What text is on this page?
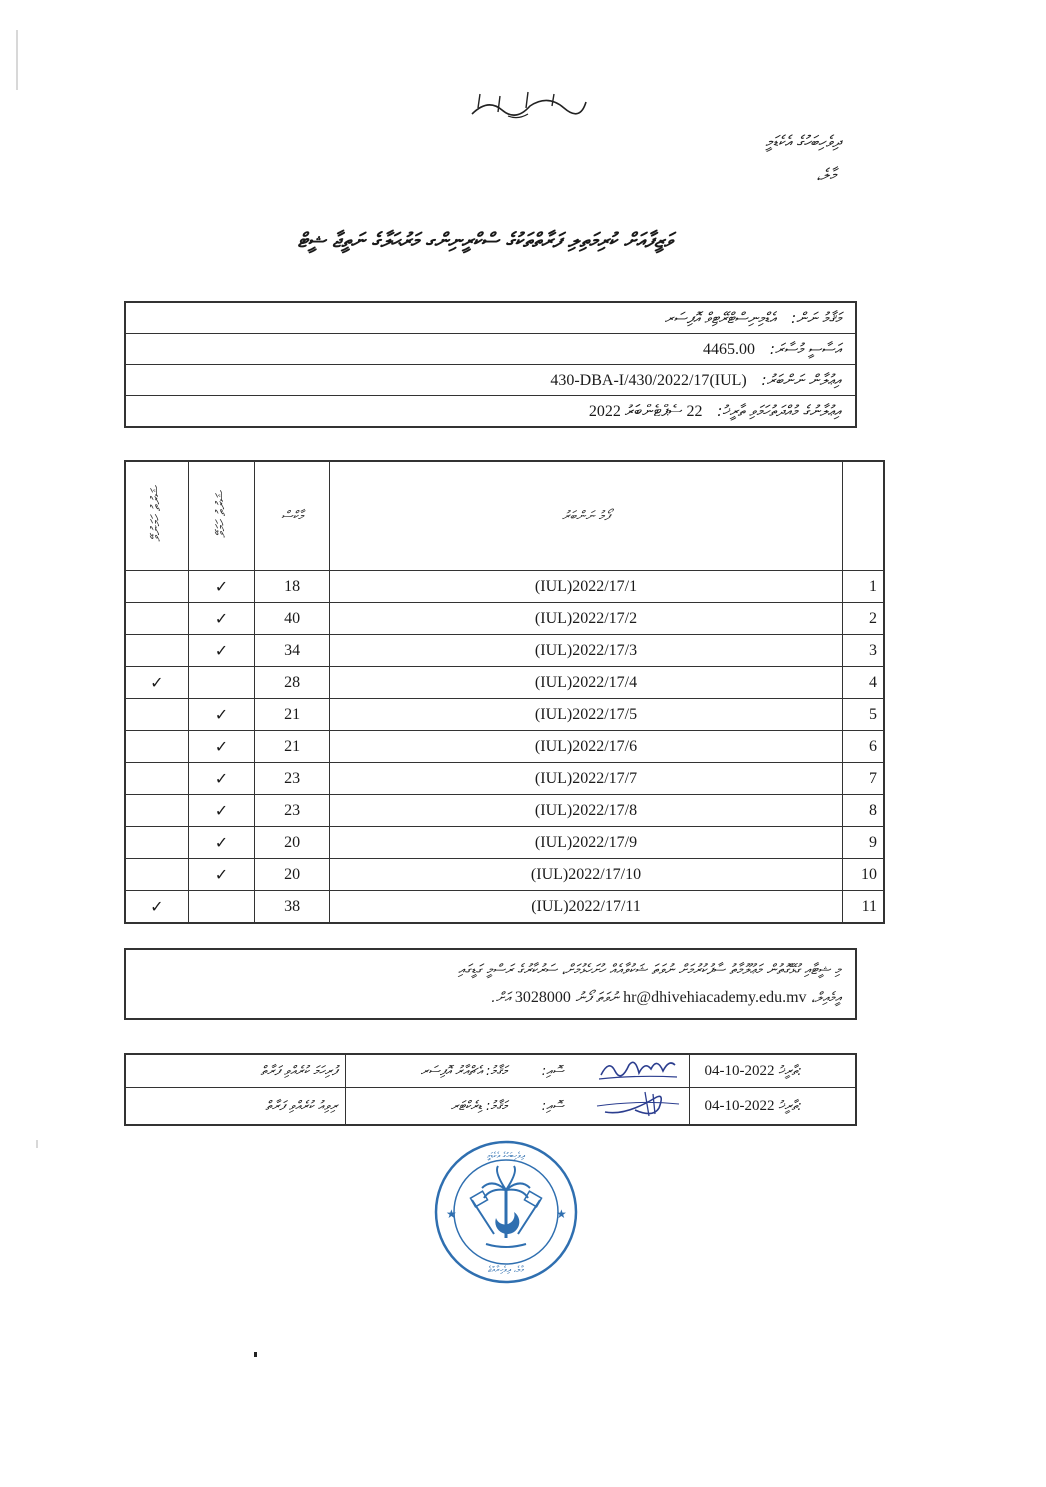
ދިވެހިބަހުގެ އެކެޑަމީ
މާލެ،
ވަޒީފާއަށް ކުރިމަތިލި ފަރާތްތަކުގެ ސްކްރީނިންގ މަރުޙަލާގެ ނަތީޖާ ޝީޓް
މަޤާމު ނަން: އެޑްމިނިސްޓްރޭޓިވް އޮފިސަރ
އަސާސީ މުސާރަ: 4465.00
އިޢުލާން ނަންބަރު: (IUL)430-DBA-I/430/2022/17
އިޢުލާނުގެ މުއްދަތުހަމަވި ތާރީޚު: 22 ސެޕްޓެންބަރު 2022
ޝަރުތު ހަމަނުވޭ	ޝަރުތު ހަމަވޭ	މާކްސް	ފޯމު ނަންބަރު	
	✓	18	(IUL)2022/17/1	1
	✓	40	(IUL)2022/17/2	2
	✓	34	(IUL)2022/17/3	3
✓		28	(IUL)2022/17/4	4
	✓	21	(IUL)2022/17/5	5
	✓	21	(IUL)2022/17/6	6
	✓	23	(IUL)2022/17/7	7
	✓	23	(IUL)2022/17/8	8
	✓	20	(IUL)2022/17/9	9
	✓	20	(IUL)2022/17/10	10
✓		38	(IUL)2022/17/11	11
މި ޝީޓާއި ގުޅޭގޮތުން މަޢުލޫމާތު ސާފުކުރުމަށް ނުވަތަ ޝަކުވާއެއް ހުށަހެޅުމަށް، ސަރުކާރުގެ ރަސްމީ ގަޑީގައި
އީމެއިލް، hr@dhivehiacademy.edu.mv ނުވަތަ ފޯނު 3028000 އަށް.
ފުރިހަމަ ކުރެއްވި ފަރާތް	މަޤާމު: އެޗްއާރު އޮފިސަރ	ސޮއި:		04-10-2022 ތާރީޚު:
ރިވިއު ކުރެއްވި ފަރާތް	މަޤާމު: ޑިރެކްޓަރ	ސޮއި:		04-10-2022 ތާރީޚު:
★	★
ދިވެހިބަހުގެ އެކެޑަމީ
މާލެ، ދިވެހިރާއްޖެ
